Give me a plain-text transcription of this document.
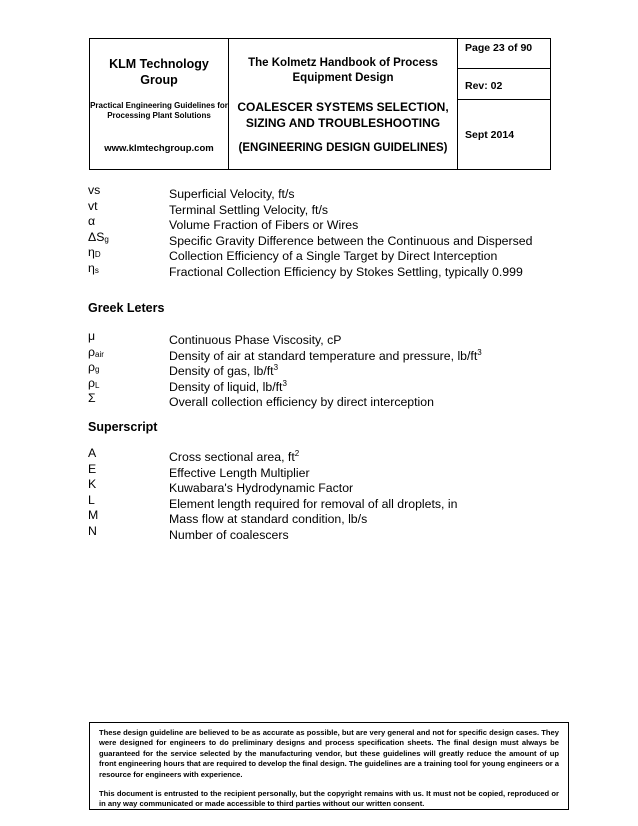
KLM Technology Group
Practical Engineering Guidelines for Processing Plant Solutions
www.klmtechgroup.com
The Kolmetz Handbook of Process Equipment Design
COALESCER SYSTEMS SELECTION, SIZING AND TROUBLESHOOTING
(ENGINEERING DESIGN GUIDELINES)
Page 23 of 90
Rev: 02
Sept 2014
vs	Superficial Velocity, ft/s
vt	Terminal Settling Velocity, ft/s
α	Volume Fraction of Fibers or Wires
ΔSg	Specific Gravity Difference between the Continuous and Dispersed
ηD	Collection Efficiency of a Single Target by Direct Interception
ηs	Fractional Collection Efficiency by Stokes Settling, typically 0.999
Greek Leters
μ	Continuous Phase Viscosity, cP
ρair	Density of air at standard temperature and pressure, $lb/ft^3$
ρg	Density of gas, $lb/ft^3$
ρL	Density of liquid, $lb/ft^3$
Σ	Overall collection efficiency by direct interception
Superscript
A	Cross sectional area, $ft^2$
E	Effective Length Multiplier
K	Kuwabara's Hydrodynamic Factor
L	Element length required for removal of all droplets, in
M	Mass flow at standard condition, lb/s
N	Number of coalescers

These design guideline are believed to be as accurate as possible, but are very general and not for specific design cases. They were designed for engineers to do preliminary designs and process specification sheets. The final design must always be guaranteed for the service selected by the manufacturing vendor, but these guidelines will greatly reduce the amount of up front engineering hours that are required to develop the final design. The guidelines are a training tool for young engineers or a resource for engineers with experience.

This document is entrusted to the recipient personally, but the copyright remains with us. It must not be copied, reproduced or in any way communicated or made accessible to third parties without our written consent.
